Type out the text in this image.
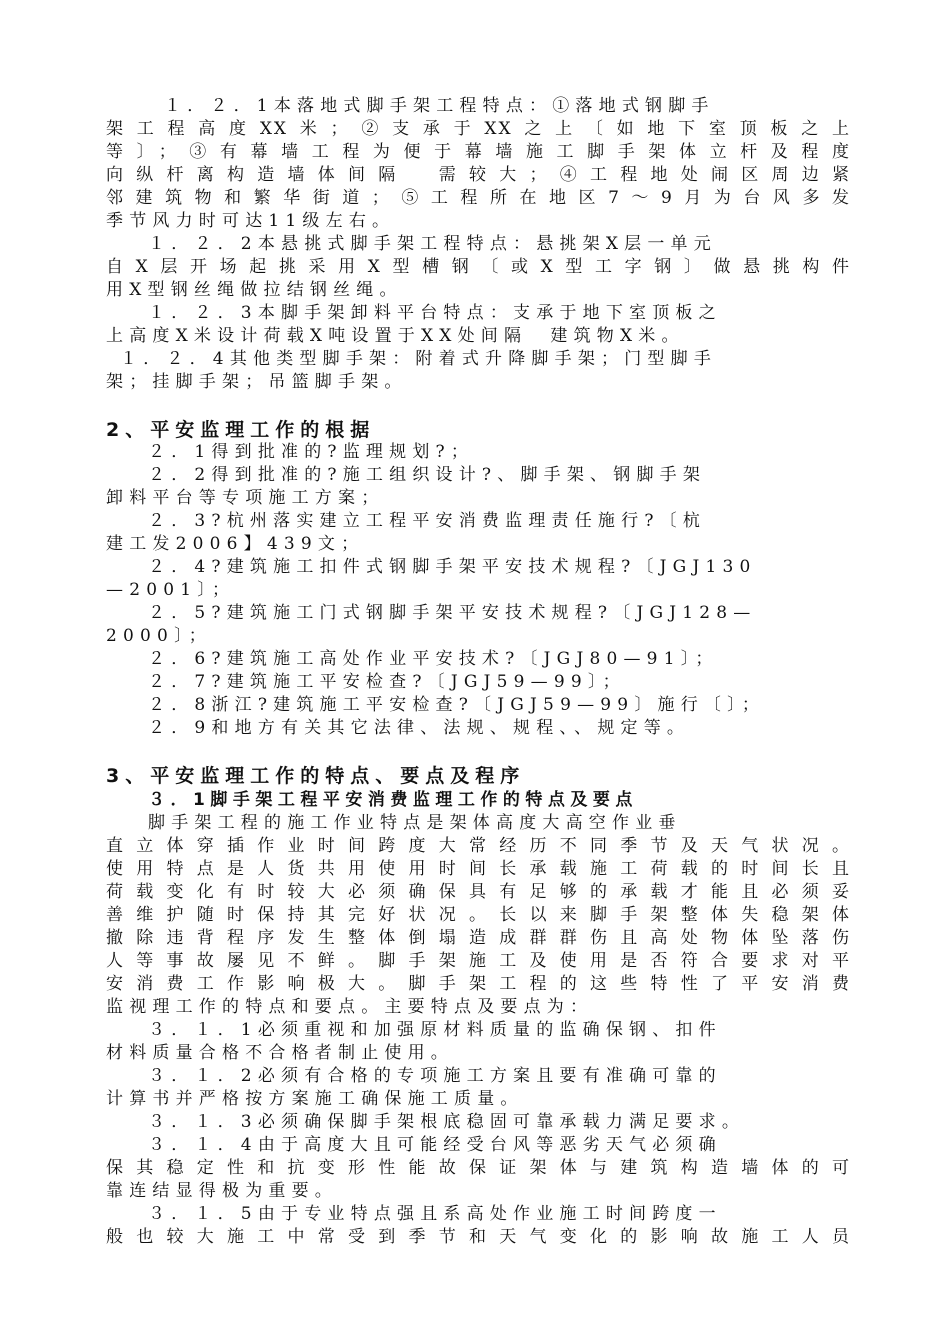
１．２．1本落地式脚手架工程特点：①落地式钢脚手
架工程高度XX米；②支承于XX之上〔如地下室顶板之上
等〕；③有幕墙工程为便于幕墙施工脚手架体立杆及程度
向纵杆离构造墙体间隔　需较大；④工程地处闹区周边紧
邻建筑物和繁华街道；⑤工程所在地区7～9月为台风多发
季节风力时可达11级左右。
１．２．2本悬挑式脚手架工程特点：悬挑架X层一单元
自X层开场起挑采用X型槽钢〔或X型工字钢〕做悬挑构件
用X型钢丝绳做拉结钢丝绳。
１．２．3本脚手架卸料平台特点：支承于地下室顶板之
上高度X米设计荷载X吨设置于XX处间隔　建筑物X米。
１．２．4其他类型脚手架：附着式升降脚手架；门型脚手
架；挂脚手架；吊篮脚手架。
2、平安监理工作的根据
２．1得到批准的?监理规划?；
２．2得到批准的?施工组织设计?、脚手架、钢脚手架
卸料平台等专项施工方案；
２．3?杭州落实建立工程平安消费监理责任施行?〔杭
建工发2006】439文；
２．4?建筑施工扣件式钢脚手架平安技术规程?〔JGJ130
—2001〕；
２．5?建筑施工门式钢脚手架平安技术规程?〔JGJ128—
2000〕；
２．6?建筑施工高处作业平安技术?〔JGJ80—91〕；
２．7?建筑施工平安检查?〔JGJ59—99〕；
２．8浙江?建筑施工平安检查?〔JGJ59—99〕施行〔〕；
２．9和地方有关其它法律、法规、规程、、规定等。
3、平安监理工作的特点、要点及程序
３．1脚手架工程平安消费监理工作的特点及要点
脚手架工程的施工作业特点是架体高度大高空作业垂
直立体穿插作业时间跨度大常经历不同季节及天气状况。
使用特点是人货共用使用时间长承载施工荷载的时间长且
荷载变化有时较大必须确保具有足够的承载才能且必须妥
善维护随时保持其完好状况。长以来脚手架整体失稳架体
撤除违背程序发生整体倒塌造成群群伤且高处物体坠落伤
人等事故屡见不鲜。脚手架施工及使用是否符合要求对平
安消费工作影响极大。脚手架工程的这些特性了平安消费
监视理工作的特点和要点。主要特点及要点为：
３．１．1必须重视和加强原材料质量的监确保钢、扣件
材料质量合格不合格者制止使用。
３．１．2必须有合格的专项施工方案且要有准确可靠的
计算书并严格按方案施工确保施工质量。
３．１．3必须确保脚手架根底稳固可靠承载力满足要求。
３．１．4由于高度大且可能经受台风等恶劣天气必须确
保其稳定性和抗变形性能故保证架体与建筑构造墙体的可
靠连结显得极为重要。
３．１．5由于专业特点强且系高处作业施工时间跨度一
般也较大施工中常受到季节和天气变化的影响故施工人员
